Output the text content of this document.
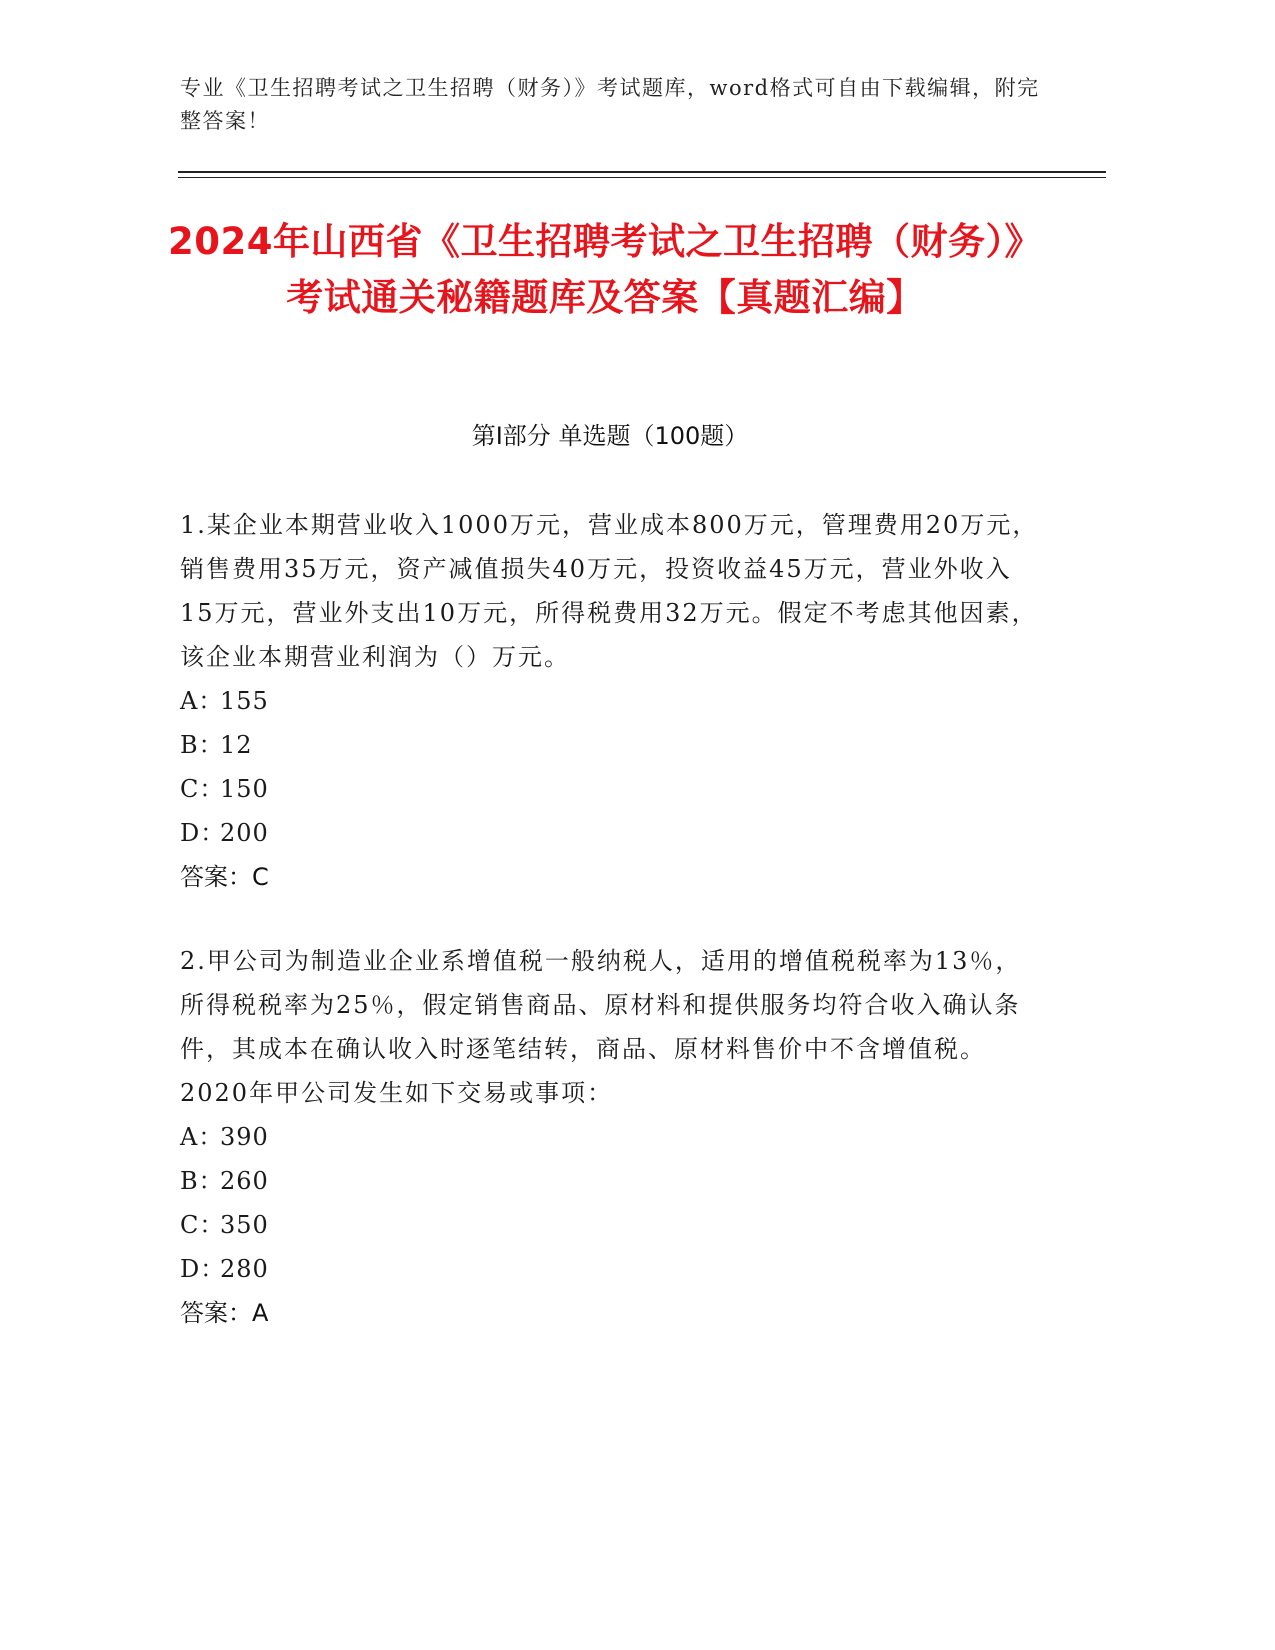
专业《卫生招聘考试之卫生招聘（财务）》考试题库，word格式可自由下载编辑，附完整答案！
2024年山西省《卫生招聘考试之卫生招聘（财务）》考试通关秘籍题库及答案【真题汇编】
第Ⅰ部分 单选题（100题）

1.某企业本期营业收入1000万元，营业成本800万元，管理费用20万元，销售费用35万元，资产减值损失40万元，投资收益45万元，营业外收入15万元，营业外支出10万元，所得税费用32万元。假定不考虑其他因素，该企业本期营业利润为（）万元。

A：155

B：12

C：150

D：200

答案：C

2.甲公司为制造业企业系增值税一般纳税人，适用的增值税税率为13％，所得税税率为25％，假定销售商品、原材料和提供服务均符合收入确认条件，其成本在确认收入时逐笔结转，商品、原材料售价中不含增值税。2020年甲公司发生如下交易或事项：

A：390

B：260

C：350

D：280

答案：A
